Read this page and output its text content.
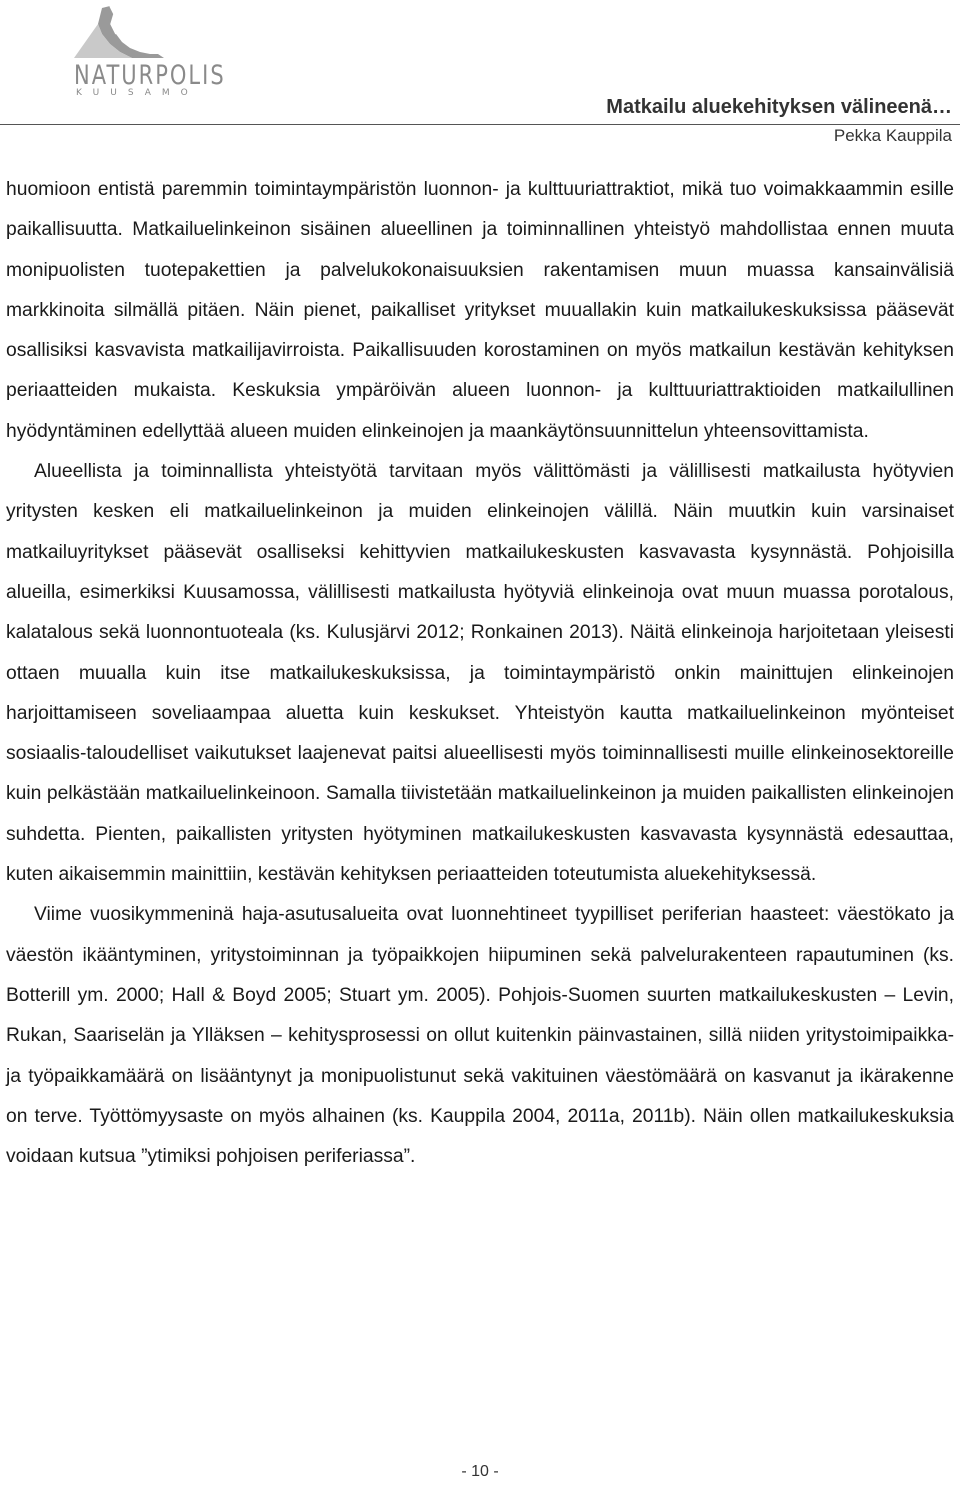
NATURPOLIS
KUUSAMO
Matkailu aluekehityksen välineenä…
Pekka Kauppila

huomioon entistä paremmin toimintaympäristön luonnon- ja kulttuuriattraktiot, mikä tuo voimakkaammin esille paikallisuutta. Matkailuelinkeinon sisäinen alueellinen ja toiminnallinen yhteistyö mahdollistaa ennen muuta monipuolisten tuotepakettien ja palvelukokonaisuuksien rakentamisen muun muassa kansainvälisiä markkinoita silmällä pitäen. Näin pienet, paikalliset yritykset muuallakin kuin matkailukeskuksissa pääsevät osallisiksi kasvavista matkailijavirroista. Paikallisuuden korostaminen on myös matkailun kestävän kehityksen periaatteiden mukaista. Keskuksia ympäröivän alueen luonnon- ja kulttuuriattraktioiden matkailullinen hyödyntäminen edellyttää alueen muiden elinkeinojen ja maankäytönsuunnittelun yhteensovittamista.

Alueellista ja toiminnallista yhteistyötä tarvitaan myös välittömästi ja välillisesti matkailusta hyötyvien yritysten kesken eli matkailuelinkeinon ja muiden elinkeinojen välillä. Näin muutkin kuin varsinaiset matkailuyritykset pääsevät osalliseksi kehittyvien matkailukeskusten kasvavasta kysynnästä. Pohjoisilla alueilla, esimerkiksi Kuusamossa, välillisesti matkailusta hyötyviä elinkeinoja ovat muun muassa porotalous, kalatalous sekä luonnontuoteala (ks. Kulusjärvi 2012; Ronkainen 2013). Näitä elinkeinoja harjoitetaan yleisesti ottaen muualla kuin itse matkailukeskuksissa, ja toimintaympäristö onkin mainittujen elinkeinojen harjoittamiseen soveliaampaa aluetta kuin keskukset. Yhteistyön kautta matkailuelinkeinon myönteiset sosiaalis-taloudelliset vaikutukset laajenevat paitsi alueellisesti myös toiminnallisesti muille elinkeinosektoreille kuin pelkästään matkailuelinkeinoon. Samalla tiivistetään matkailuelinkeinon ja muiden paikallisten elinkeinojen suhdetta. Pienten, paikallisten yritysten hyötyminen matkailukeskusten kasvavasta kysynnästä edesauttaa, kuten aikaisemmin mainittiin, kestävän kehityksen periaatteiden toteutumista aluekehityksessä.

Viime vuosikymmeninä haja-asutusalueita ovat luonnehtineet tyypilliset periferian haasteet: väestökato ja väestön ikääntyminen, yritystoiminnan ja työpaikkojen hiipuminen sekä palvelurakenteen rapautuminen (ks. Botterill ym. 2000; Hall & Boyd 2005; Stuart ym. 2005). Pohjois-Suomen suurten matkailukeskusten – Levin, Rukan, Saariselän ja Ylläksen – kehitysprosessi on ollut kuitenkin päinvastainen, sillä niiden yritystoimipaikka- ja työpaikkamäärä on lisääntynyt ja monipuolistunut sekä vakituinen väestömäärä on kasvanut ja ikärakenne on terve. Työttömyysaste on myös alhainen (ks. Kauppila 2004, 2011a, 2011b). Näin ollen matkailukeskuksia voidaan kutsua ”ytimiksi pohjoisen periferiassa”.

- 10 -
